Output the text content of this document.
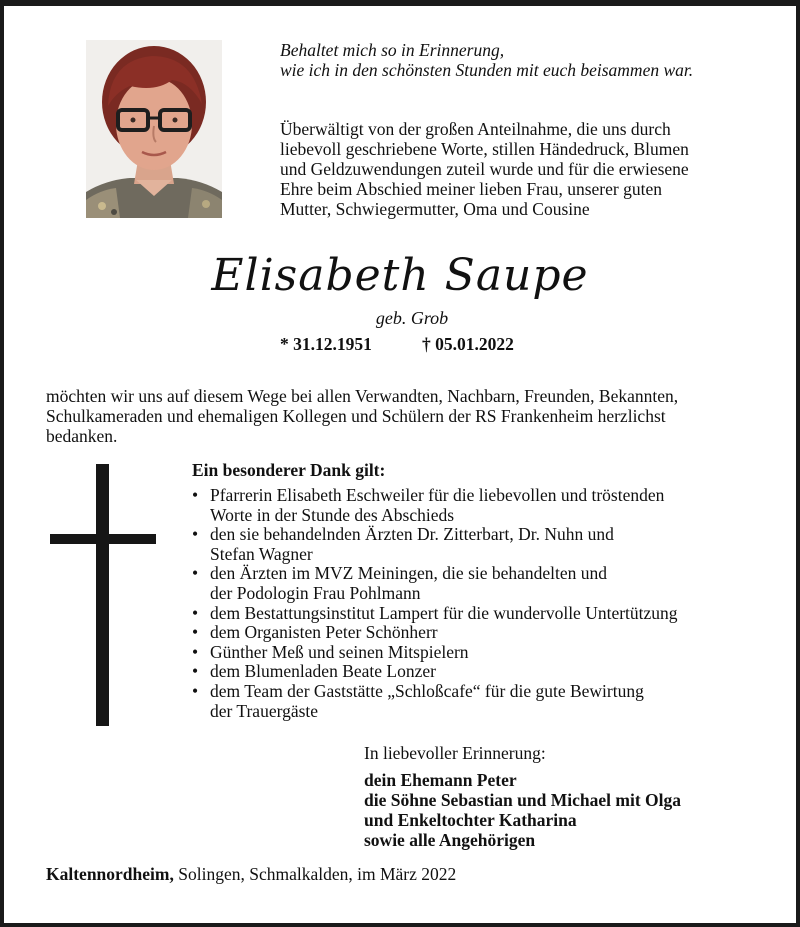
Behaltet mich so in Erinnerung,
wie ich in den schönsten Stunden mit euch beisammen war.
Überwältigt von der großen Anteilnahme, die uns durch
liebevoll geschriebene Worte, stillen Händedruck, Blumen
und Geldzuwendungen zuteil wurde und für die erwiesene
Ehre beim Abschied meiner lieben Frau, unserer guten
Mutter, Schwiegermutter, Oma und Cousine
Elisabeth Saupe
geb. Grob
* 31.12.1951	† 05.01.2022
möchten wir uns auf diesem Wege bei allen Verwandten, Nachbarn, Freunden, Bekannten,
Schulkameraden und ehemaligen Kollegen und Schülern der RS Frankenheim herzlichst
bedanken.
Ein besonderer Dank gilt:
• Pfarrerin Elisabeth Eschweiler für die liebevollen und tröstenden
Worte in der Stunde des Abschieds
• den sie behandelnden Ärzten Dr. Zitterbart, Dr. Nuhn und
Stefan Wagner
• den Ärzten im MVZ Meiningen, die sie behandelten und
der Podologin Frau Pohlmann
• dem Bestattungsinstitut Lampert für die wundervolle Untertützung
• dem Organisten Peter Schönherr
• Günther Meß und seinen Mitspielern
• dem Blumenladen Beate Lonzer
• dem Team der Gaststätte „Schloßcafe“ für die gute Bewirtung
der Trauergäste
In liebevoller Erinnerung:
dein Ehemann Peter
die Söhne Sebastian und Michael mit Olga
und Enkeltochter Katharina
sowie alle Angehörigen
Kaltennordheim, Solingen, Schmalkalden, im März 2022
